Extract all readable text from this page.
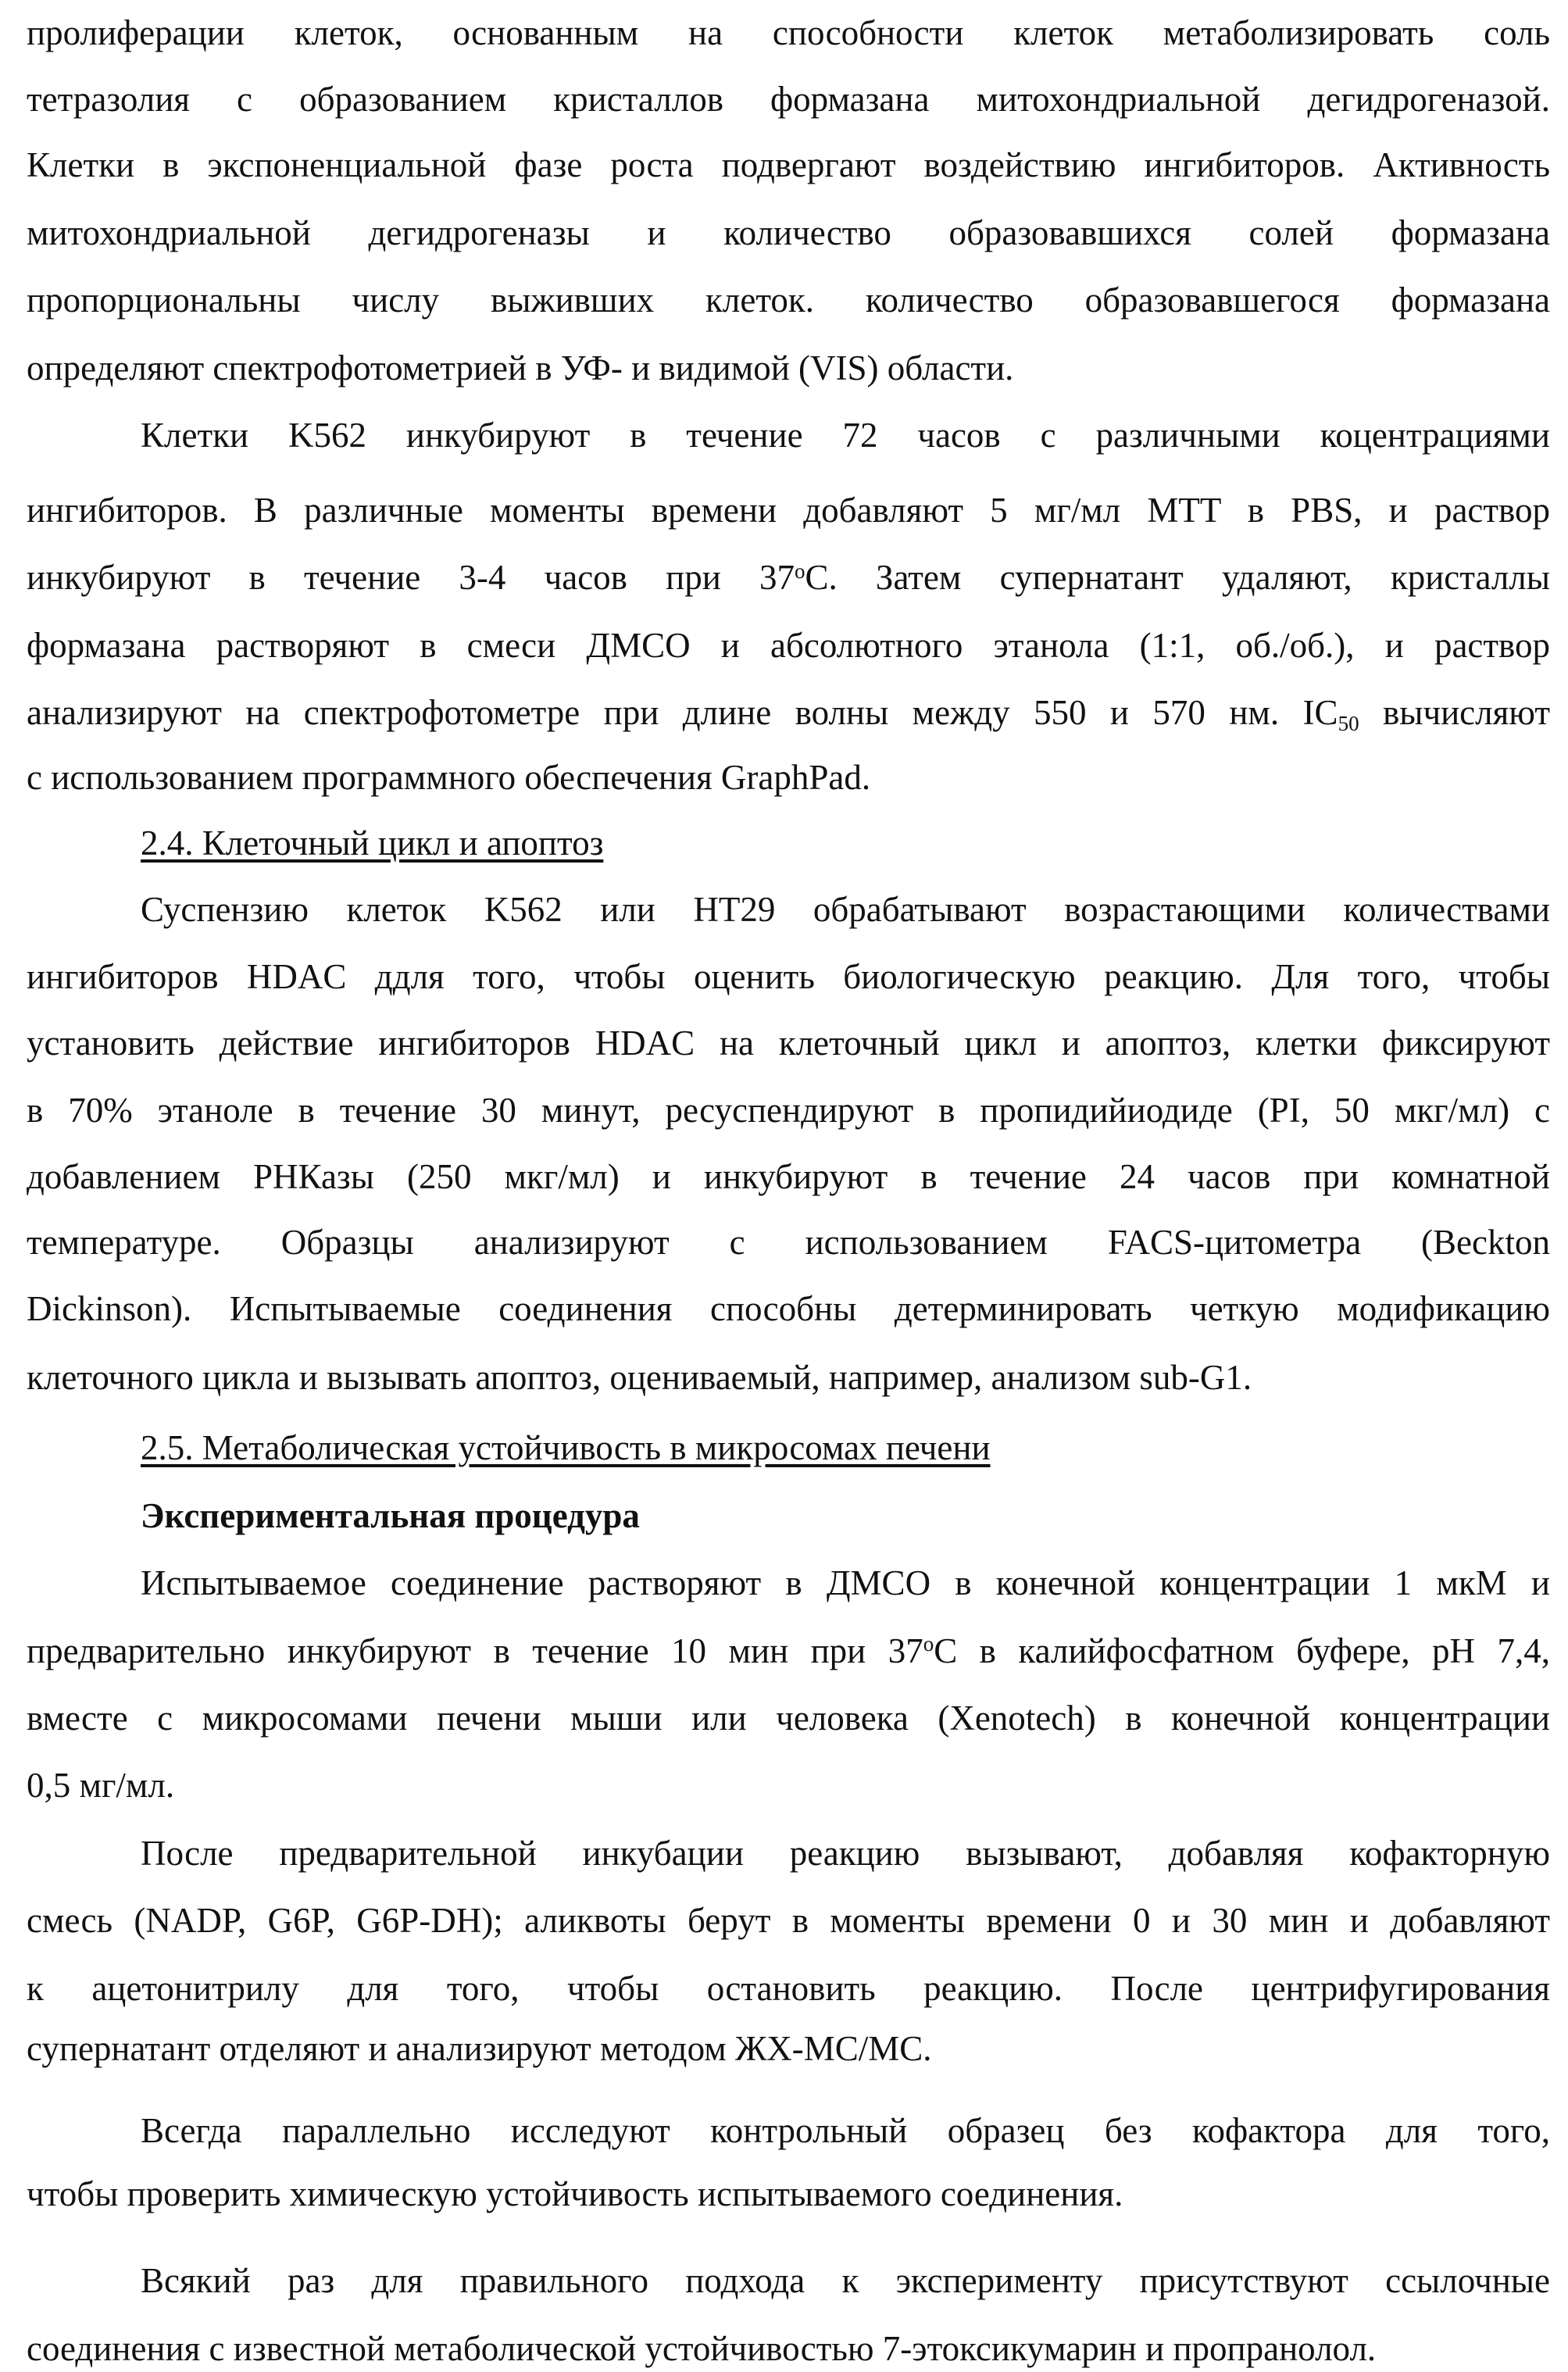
пролиферации клеток, основанным на способности клеток метаболизировать соль
тетразолия с образованием кристаллов формазана митохондриальной дегидрогеназой.
Клетки в экспоненциальной фазе роста подвергают воздействию ингибиторов. Активность
митохондриальной дегидрогеназы и количество образовавшихся солей формазана
пропорциональны числу выживших клеток. количество образовавшегося формазана
определяют спектрофотометрией в УФ- и видимой (VIS) области.
Клетки K562 инкубируют в течение 72 часов с различными коцентрациями
ингибиторов. В различные моменты времени добавляют 5 мг/мл MTT в PBS, и раствор
инкубируют в течение 3-4 часов при 37oC. Затем супернатант удаляют, кристаллы
формазана растворяют в смеси ДМСО и абсолютного этанола (1:1, об./об.), и раствор
анализируют на спектрофотометре при длине волны между 550 и 570 нм. IC50 вычисляют
с использованием программного обеспечения GraphPad.
2.4. Клеточный цикл и апоптоз
Суспензию клеток K562 или HT29 обрабатывают возрастающими количествами
ингибиторов HDAC ддля того, чтобы оценить биологическую реакцию. Для того, чтобы
установить действие ингибиторов HDAC на клеточный цикл и апоптоз, клетки фиксируют
в 70% этаноле в течение 30 минут, ресуспендируют в пропидийиодиде (PI, 50 мкг/мл) с
добавлением РНКазы (250 мкг/мл) и инкубируют в течение 24 часов при комнатной
температуре. Образцы анализируют с использованием FACS-цитометра (Beckton
Dickinson). Испытываемые соединения способны детерминировать четкую модификацию
клеточного цикла и вызывать апоптоз, оцениваемый, например, анализом sub-G1.
2.5. Метаболическая устойчивость в микросомах печени
Экспериментальная процедура
Испытываемое соединение растворяют в ДМСО в конечной концентрации 1 мкМ и
предварительно инкубируют в течение 10 мин при 37oC в калийфосфатном буфере, pH 7,4,
вместе с микросомами печени мыши или человека (Xenotech) в конечной концентрации
0,5 мг/мл.
После предварительной инкубации реакцию вызывают, добавляя кофакторную
смесь (NADP, G6P, G6P-DH); аликвоты берут в моменты времени 0 и 30 мин и добавляют
к ацетонитрилу для того, чтобы остановить реакцию. После центрифугирования
супернатант отделяют и анализируют методом ЖХ-МС/МС.
Всегда параллельно исследуют контрольный образец без кофактора для того,
чтобы проверить химическую устойчивость испытываемого соединения.
Всякий раз для правильного подхода к эксперименту присутствуют ссылочные
соединения с известной метаболической устойчивостью 7-этоксикумарин и пропранолол.
